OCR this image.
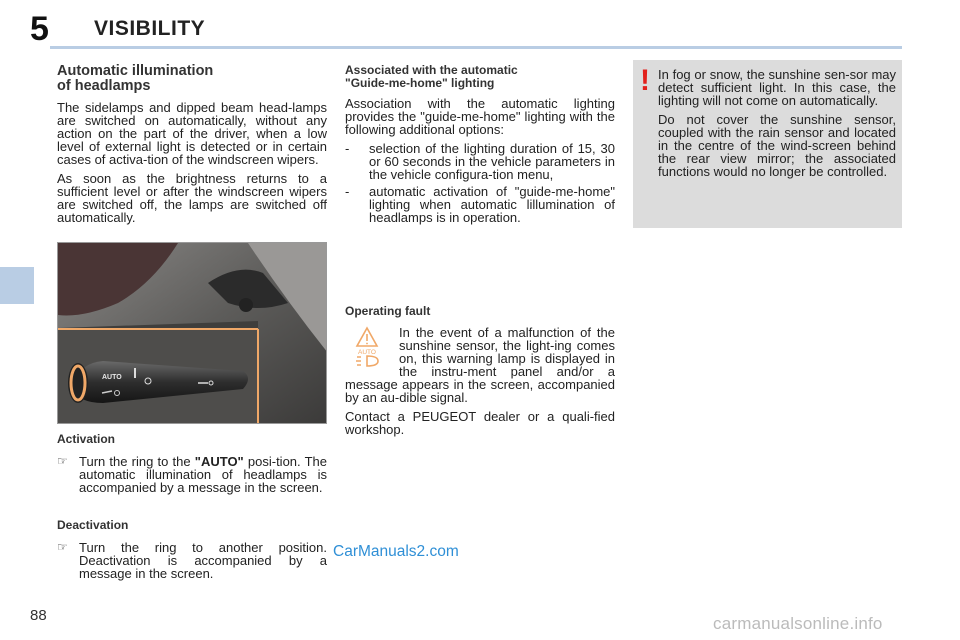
5 VISIBILITY
Automatic illumination
of headlamps

The sidelamps and dipped beam head-lamps are switched on automatically, without any action on the part of the driver, when a low level of external light is detected or in certain cases of activa-tion of the windscreen wipers.

As soon as the brightness returns to a sufficient level or after the windscreen wipers are switched off, the lamps are switched off automatically.

AUTO
Activation
☞ Turn the ring to the "AUTO" posi-tion. The automatic illumination of headlamps is accompanied by a message in the screen.
Deactivation
☞ Turn the ring to another position. Deactivation is accompanied by a message in the screen.
Associated with the automatic
"Guide-me-home" lighting

Association with the automatic lighting provides the "guide-me-home" lighting with the following additional options:

-	selection of the lighting duration of 15, 30 or 60 seconds in the vehicle parameters in the vehicle configura-tion menu,
-	automatic activation of "guide-me-home" lighting when automatic lillumination of headlamps is in operation.
Operating fault
AUTO

In the event of a malfunction of the sunshine sensor, the light-ing comes on, this warning lamp is displayed in the instru-ment panel and/or a message appears in the screen, accompanied by an au-dible signal.

Contact a PEUGEOT dealer or a quali-fied workshop.

! In fog or snow, the sunshine sen-sor may detect sufficient light. In this case, the lighting will not come on automatically.

Do not cover the sunshine sensor, coupled with the rain sensor and located in the centre of the wind-screen behind the rear view mirror; the associated functions would no longer be controlled.

88
CarManuals2.com
carmanualsonline.info
